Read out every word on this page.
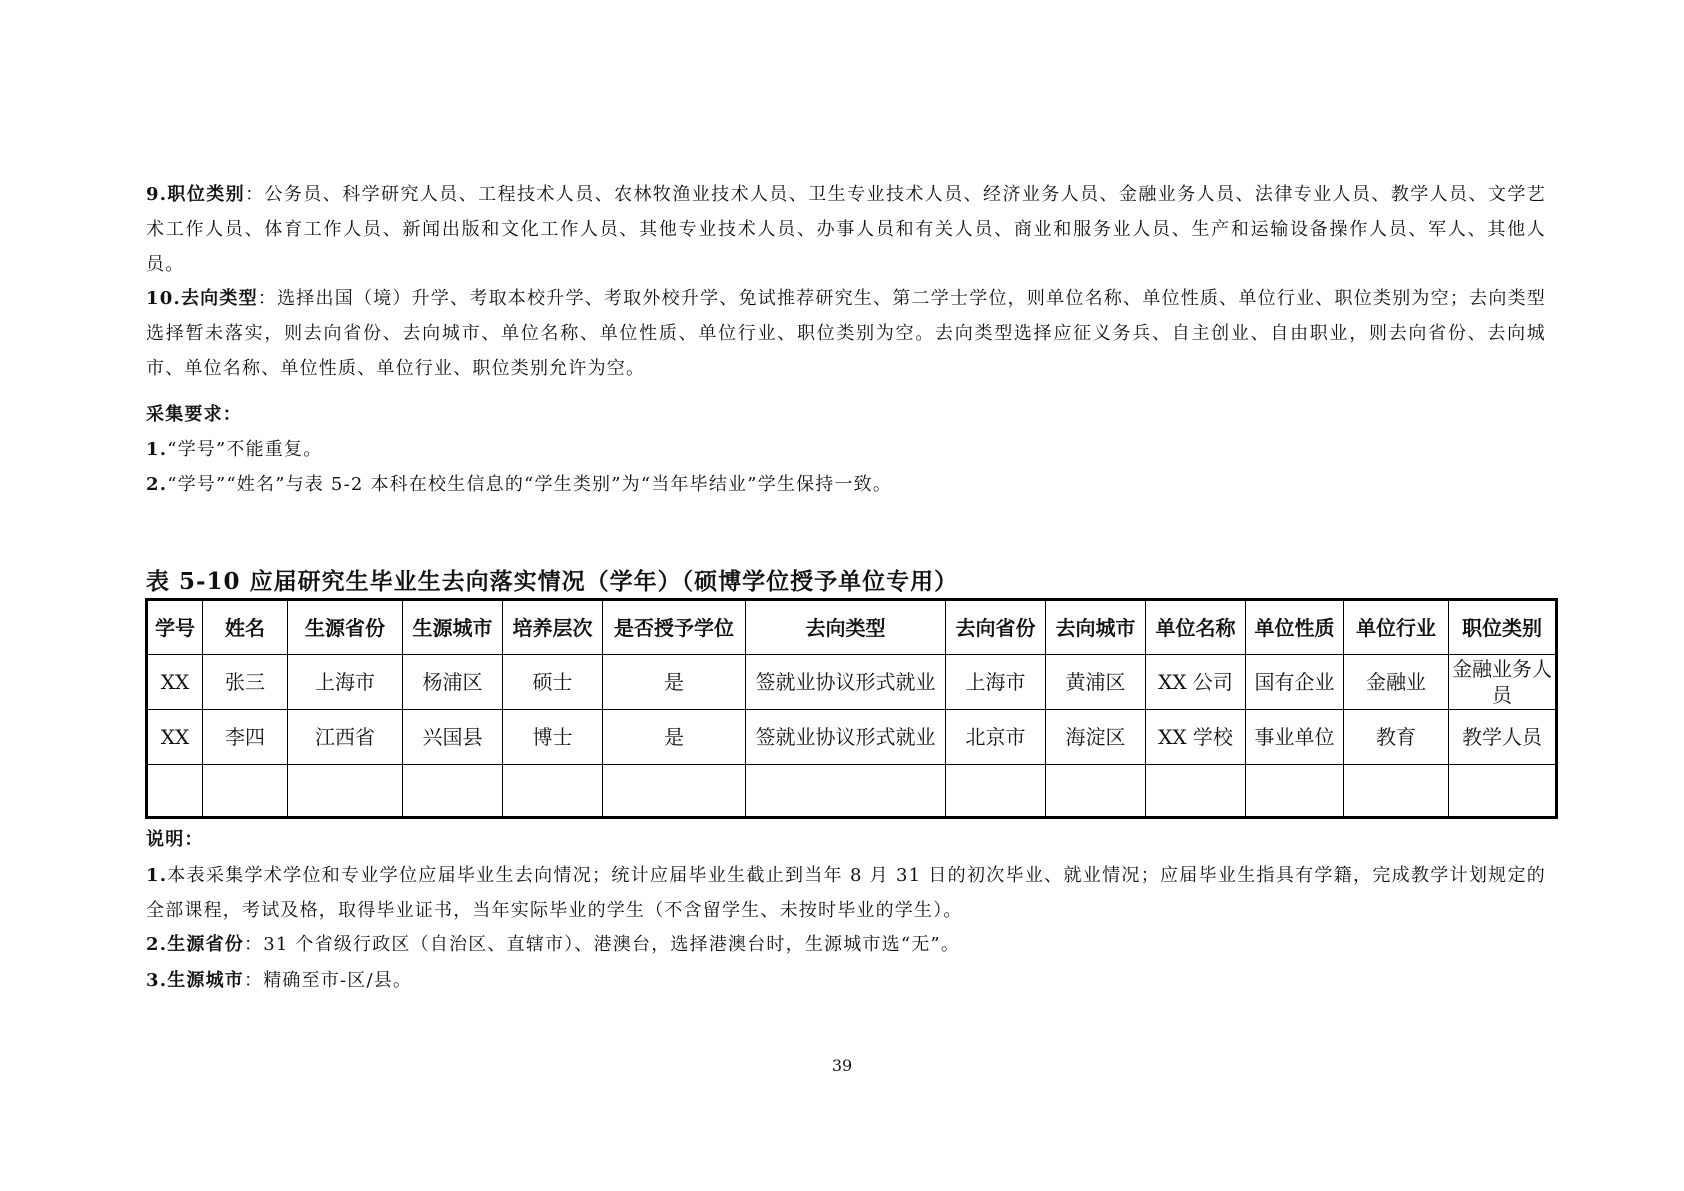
9.职位类别：公务员、科学研究人员、工程技术人员、农林牧渔业技术人员、卫生专业技术人员、经济业务人员、金融业务人员、法律专业人员、教学人员、文学艺术工作人员、体育工作人员、新闻出版和文化工作人员、其他专业技术人员、办事人员和有关人员、商业和服务业人员、生产和运输设备操作人员、军人、其他人员。
10.去向类型：选择出国（境）升学、考取本校升学、考取外校升学、免试推荐研究生、第二学士学位，则单位名称、单位性质、单位行业、职位类别为空；去向类型选择暂未落实，则去向省份、去向城市、单位名称、单位性质、单位行业、职位类别为空。去向类型选择应征义务兵、自主创业、自由职业，则去向省份、去向城市、单位名称、单位性质、单位行业、职位类别允许为空。
采集要求：
1.“学号”不能重复。
2.“学号”“姓名”与表 5-2 本科在校生信息的“学生类别”为“当年毕结业”学生保持一致。
表 5-10 应届研究生毕业生去向落实情况（学年）（硕博学位授予单位专用）
学号	姓名	生源省份	生源城市	培养层次	是否授予学位	去向类型	去向省份	去向城市	单位名称	单位性质	单位行业	职位类别
XX	张三	上海市	杨浦区	硕士	是	签就业协议形式就业	上海市	黄浦区	XX 公司	国有企业	金融业	金融业务人员
XX	李四	江西省	兴国县	博士	是	签就业协议形式就业	北京市	海淀区	XX 学校	事业单位	教育	教学人员

说明：
1.本表采集学术学位和专业学位应届毕业生去向情况；统计应届毕业生截止到当年 8 月 31 日的初次毕业、就业情况；应届毕业生指具有学籍，完成教学计划规定的全部课程，考试及格，取得毕业证书，当年实际毕业的学生（不含留学生、未按时毕业的学生）。
2.生源省份：31 个省级行政区（自治区、直辖市）、港澳台，选择港澳台时，生源城市选“无”。
3.生源城市：精确至市-区/县。
39
